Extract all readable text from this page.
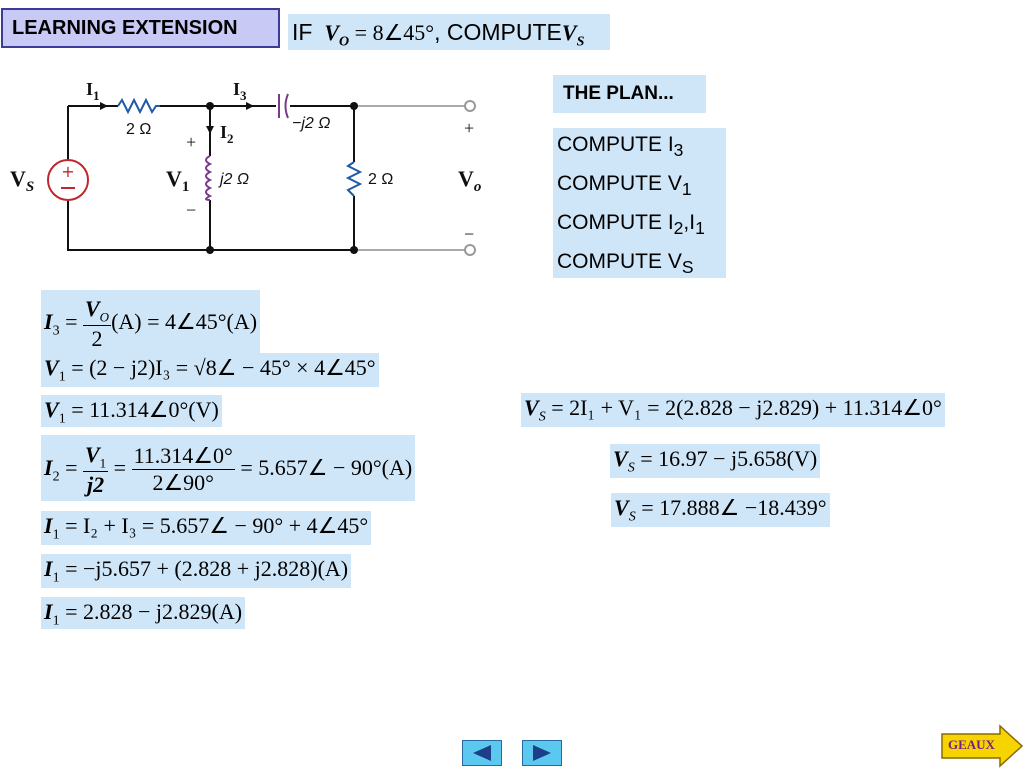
LEARNING EXTENSION	IF $V_O$ = 8∠45°, $COMPUTEV_S$
+
$I_1$	$I_3$
$I_2$
$V_S$	$V_1$	$V_o$
+
−
+
−
2 Ω	−j2 Ω
j2 Ω	2 Ω
THE PLAN...
COMPUTE $I_3$
COMPUTE $V_1$
COMPUTE $I_2,I_1$
COMPUTE $V_S$
$I_3 = \frac{V_O}{2} (A)$ = 4∠45°(A)
$V_1 = (2 - j2)I_3$ = √8∠ − 45° × 4∠45°
$V_1$ = 11.314∠0°(V)
$I_2 = \frac{V_1}{j2} = \frac{11.314\angle 0^\circ}{2\angle 90^\circ}$ = 5.657∠ − 90°(A)
$I_1 = I_2 + I_3$ = 5.657∠ − 90° + 4∠45°
$I_1 = -j5.657 + (2.828 + j2.828)(A)$
$I_1 = 2.828 - j2.829(A)$
$V_S = 2I_1 + V_1 = 2(2.828 - j2.829)$ + 11.314∠0°
$V_S = 16.97 - j5.658(V)$
$V_S$ = 17.888∠ −18.439°
GEAUX
